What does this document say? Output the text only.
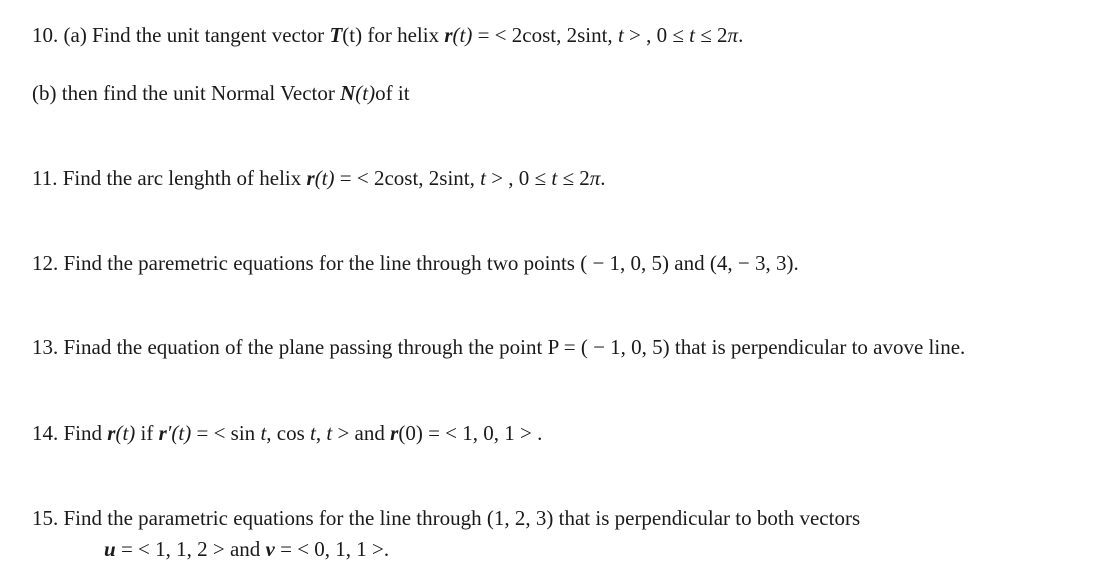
10. (a) Find the unit tangent vector T(t) for helix r(t) = < 2cost, 2sint, t > , 0 ≤ t ≤ 2π.
(b) then find the unit Normal Vector N(t)of it
11. Find the arc lenghth of helix r(t) = < 2cost, 2sint, t > , 0 ≤ t ≤ 2π.
12. Find the paremetric equations for the line through two points ( − 1, 0, 5) and (4, − 3, 3).
13. Finad the equation of the plane passing through the point P = ( − 1, 0, 5) that is perpendicular to avove line.
14. Find r(t) if r′(t) = < sin t, cos t, t > and r(0) = < 1, 0, 1 > .
15. Find the parametric equations for the line through (1, 2, 3) that is perpendicular to both vectors
u = < 1, 1, 2 > and v = < 0, 1, 1 >.
